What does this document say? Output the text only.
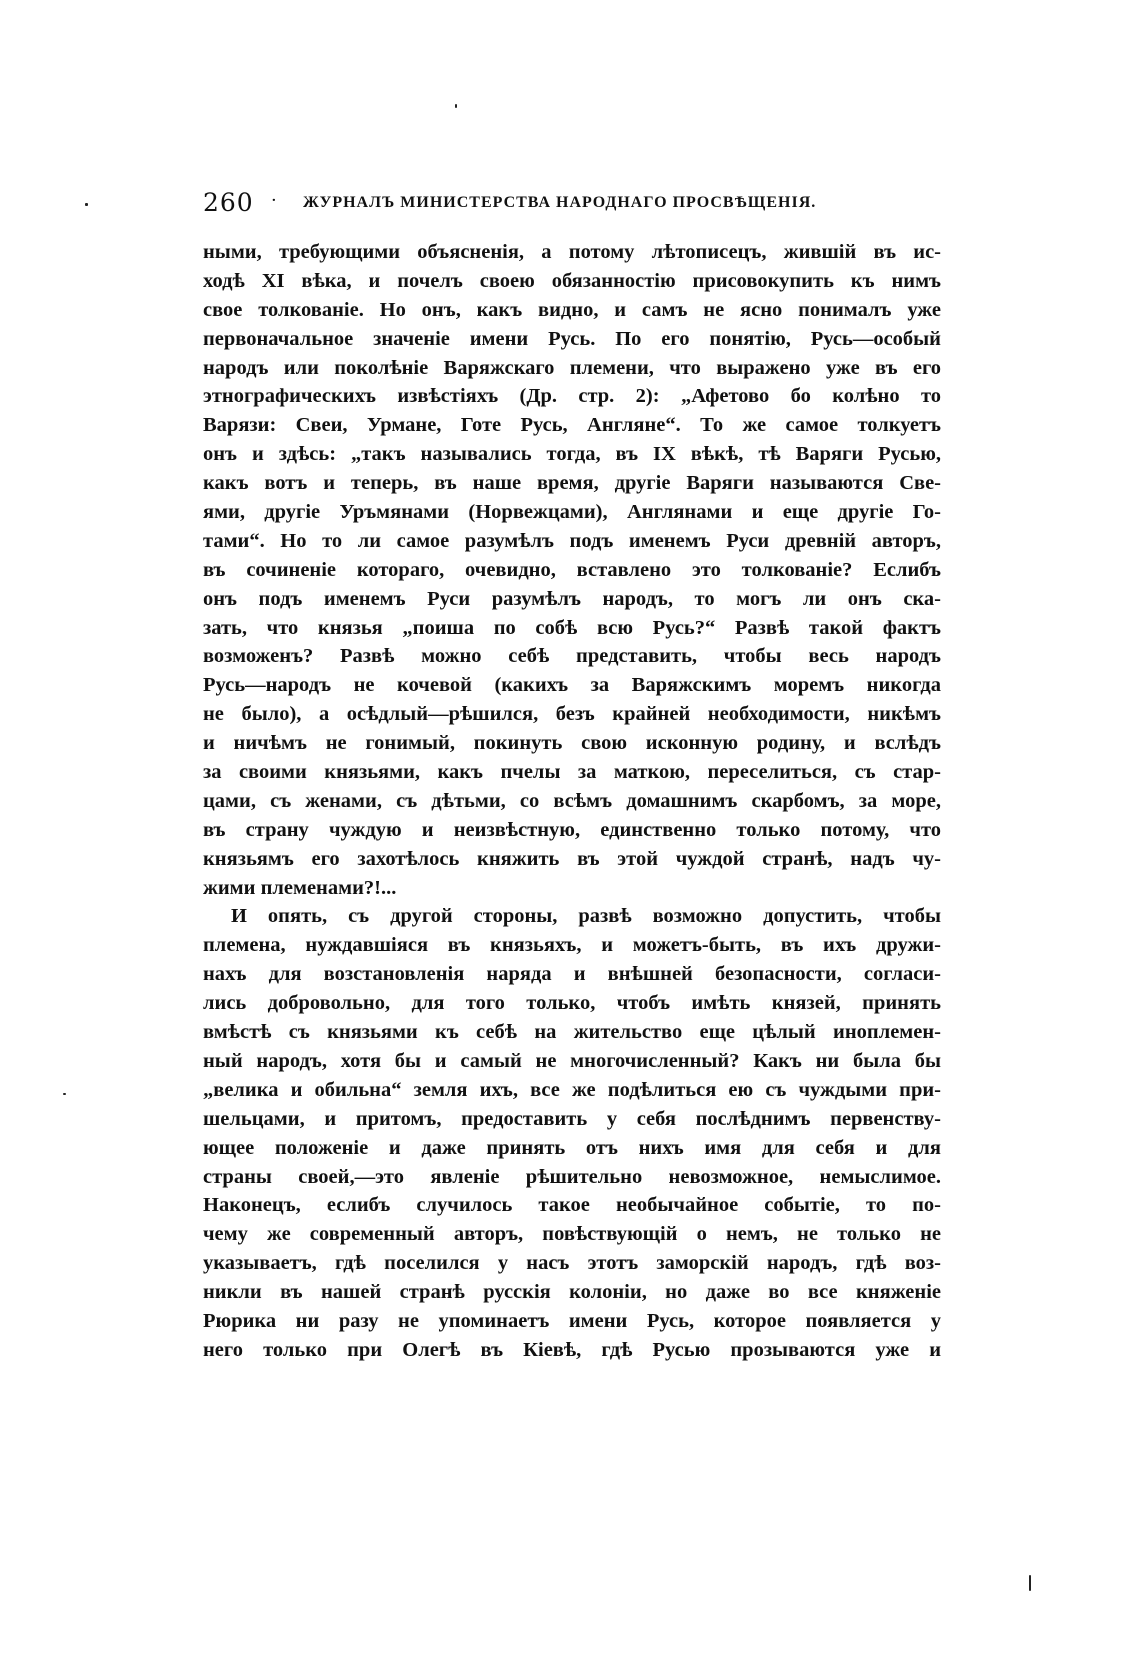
260 · ЖУРНАЛЪ МИНИСТЕРСТВА НАРОДНАГО ПРОСВѢЩЕНІЯ.
ными, требующими объясненія, а потому лѣтописецъ, жившій въ ис-
ходѣ XI вѣка, и почелъ своею обязанностію присовокупить къ нимъ
свое толкованіе. Но онъ, какъ видно, и самъ не ясно понималъ уже
первоначальное значеніе имени Русь. По его понятію, Русь—особый
народъ или поколѣніе Варяжскаго племени, что выражено уже въ его
этнографическихъ извѣстіяхъ (Др. стр. 2): „Афетово бо колѣно то
Варязи: Свеи, Урмане, Готе Русь, Англяне“. То же самое толкуетъ
онъ и здѣсь: „такъ назывались тогда, въ IX вѣкѣ, тѣ Варяги Русью,
какъ вотъ и теперь, въ наше время, другіе Варяги называются Све-
ями, другіе Уръмянами (Норвежцами), Англянами и еще другіе Го-
тами“. Но то ли самое разумѣлъ подъ именемъ Руси древній авторъ,
въ сочиненіе котораго, очевидно, вставлено это толкованіе? Еслибъ
онъ подъ именемъ Руси разумѣлъ народъ, то могъ ли онъ ска-
зать, что князья „поиша по собѣ всю Русь?“ Развѣ такой фактъ
возможенъ? Развѣ можно себѣ представить, чтобы весь народъ
Русь—народъ не кочевой (какихъ за Варяжскимъ моремъ никогда
не было), а осѣдлый—рѣшился, безъ крайней необходимости, никѣмъ
и ничѣмъ не гонимый, покинуть свою исконную родину, и вслѣдъ
за своими князьями, какъ пчелы за маткою, переселиться, съ стар-
цами, съ женами, съ дѣтьми, со всѣмъ домашнимъ скарбомъ, за море,
въ страну чуждую и неизвѣстную, единственно только потому, что
князьямъ его захотѣлось княжить въ этой чуждой странѣ, надъ чу-
жими племенами?!...
И опять, съ другой стороны, развѣ возможно допустить, чтобы
племена, нуждавшіяся въ князьяхъ, и можетъ-быть, въ ихъ дружи-
нахъ для возстановленія наряда и внѣшней безопасности, согласи-
лись добровольно, для того только, чтобъ имѣть князей, принять
вмѣстѣ съ князьями къ себѣ на жительство еще цѣлый иноплемен-
ный народъ, хотя бы и самый не многочисленный? Какъ ни была бы
„велика и обильна“ земля ихъ, все же подѣлиться ею съ чуждыми при-
шельцами, и притомъ, предоставить у себя послѣднимъ первенству-
ющее положеніе и даже принять отъ нихъ имя для себя и для
страны своей,—это явленіе рѣшительно невозможное, немыслимое.
Наконецъ, еслибъ случилось такое необычайное событіе, то по-
чему же современный авторъ, повѣствующій о немъ, не только не
указываетъ, гдѣ поселился у насъ этотъ заморскій народъ, гдѣ воз-
никли въ нашей странѣ русскія колоніи, но даже во все княженіе
Рюрика ни разу не упоминаетъ имени Русь, которое появляется у
него только при Олегѣ въ Кіевѣ, гдѣ Русью прозываются уже и
